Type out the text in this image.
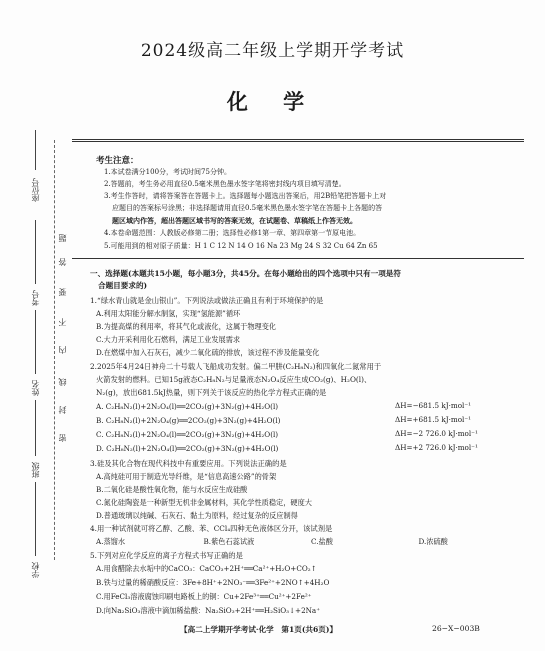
座位号
考号
姓名
班级
学校
题
答
要
不
内
线
封
密
2024级高二年级上学期开学考试
化 学
考生注意：
1.本试卷满分100分，考试时间75分钟。
2.答题前，考生务必用直径0.5毫米黑色墨水签字笔将密封线内项目填写清楚。
3.考生作答时，请将答案答在答题卡上。选择题每小题选出答案后，用2B铅笔把答题卡上对
应题目的答案标号涂黑；非选择题请用直径0.5毫米黑色墨水签字笔在答题卡上各题的答
题区域内作答，超出答题区域书写的答案无效，在试题卷、草稿纸上作答无效。
4.本卷命题范围：人教版必修第二册；选择性必修1第一章、第四章第一节原电池。
5.可能用到的相对原子质量：H 1 C 12 N 14 O 16 Na 23 Mg 24 S 32 Cu 64 Zn 65
一、选择题(本题共15小题，每小题3分，共45分。在每小题给出的四个选项中只有一项是符
合题目要求的)
1.“绿水青山就是金山银山”。下列说法或做法正确且有利于环境保护的是
A.利用太阳能分解水制氢，实现“氢能源”循环
B.为提高煤的利用率，将其气化或液化，这属于物理变化
C.大力开采利用化石燃料，满足工业发展需求
D.在燃煤中加入石灰石，减少二氧化硫的排放，该过程不涉及能量变化
2.2025年4月24日神舟二十号载人飞船成功发射。偏二甲肼(C₂H₈N₂)和四氧化二氮常用于
火箭发射的燃料。已知15g液态C₂H₈N₂与足量液态N₂O₄反应生成CO₂(g)、H₂O(l)、
N₂(g)，放出681.5kJ热量，则下列关于该反应的热化学方程式正确的是
A. C₂H₈N₂(l)+2N₂O₄(l)══2CO₂(g)+3N₂(g)+4H₂O(l)	ΔH=−681.5 kJ·mol⁻¹
B. C₂H₈N₂(l)+2N₂O₄(g)══2CO₂(g)+3N₂(g)+4H₂O(l)	ΔH=+681.5 kJ·mol⁻¹
C. C₂H₈N₂(l)+2N₂O₄(l)══2CO₂(g)+3N₂(g)+4H₂O(l)	ΔH=−2 726.0 kJ·mol⁻¹
D. C₂H₈N₂(l)+2N₂O₄(l)══2CO₂(g)+3N₂(g)+4H₂O(l)	ΔH=+2 726.0 kJ·mol⁻¹
3.硅及其化合物在现代科技中有重要应用。下列说法正确的是
A.高纯硅可用于制造光导纤维，是“信息高速公路”的骨架
B.二氧化硅是酸性氧化物，能与水反应生成硅酸
C.氮化硅陶瓷是一种新型无机非金属材料，其化学性质稳定，硬度大
D.普通玻璃以纯碱、石灰石、黏土为原料，经过复杂的反应制得
4.用一种试剂就可将乙醇、乙酸、苯、CCl₄四种无色液体区分开，该试剂是
A.蒸馏水	B.紫色石蕊试液	C.盐酸	D.浓硫酸
5.下列对应化学反应的离子方程式书写正确的是
A.用食醋除去水垢中的CaCO₃：CaCO₃+2H⁺══Ca²⁺+H₂O+CO₂↑
B.铁与过量的稀硝酸反应：3Fe+8H⁺+2NO₃⁻══3Fe²⁺+2NO↑+4H₂O
C.用FeCl₃溶液腐蚀印刷电路板上的铜：Cu+2Fe³⁺══Cu²⁺+2Fe²⁺
D.向Na₂SiO₃溶液中滴加稀盐酸：Na₂SiO₃+2H⁺══H₂SiO₃↓+2Na⁺
【高二上学期开学考试·化学　第1页(共6页)】	26−X−003B
